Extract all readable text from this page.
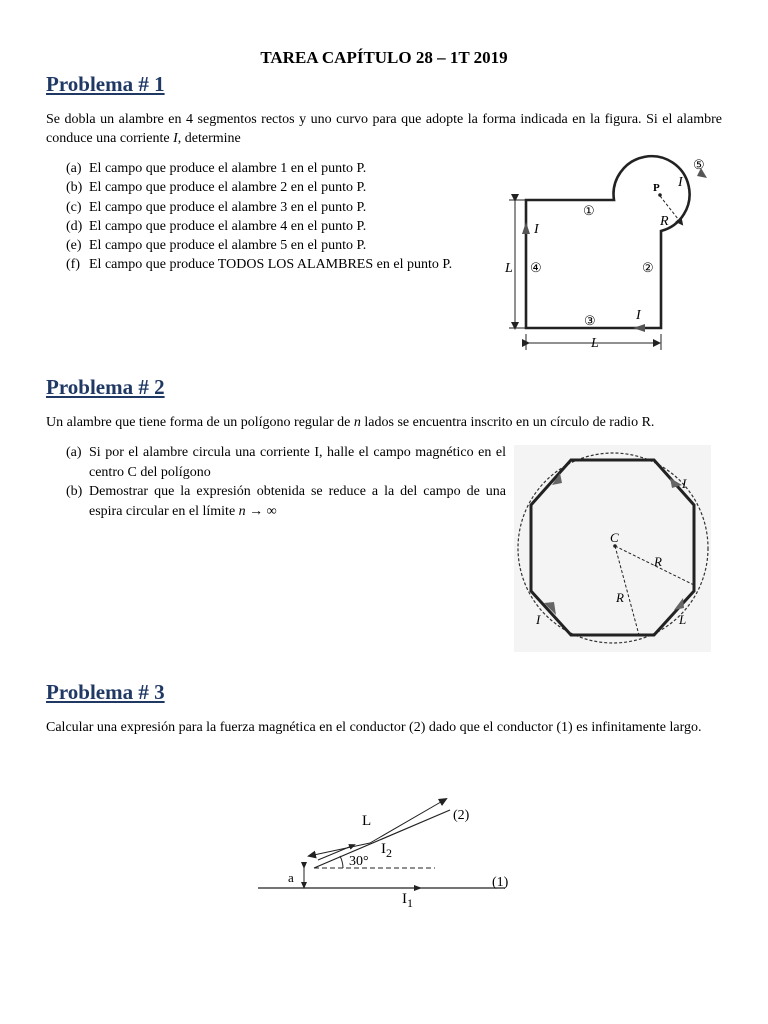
TAREA CAPÍTULO 28 – 1T 2019
Problema # 1
Se dobla un alambre en 4 segmentos rectos y uno curvo para que adopte la forma indicada en la figura. Si el alambre conduce una corriente I, determine
(a) El campo que produce el alambre 1 en el punto P.
(b) El campo que produce el alambre 2 en el punto P.
(c) El campo que produce el alambre 3 en el punto P.
(d) El campo que produce el alambre 4 en el punto P.
(e) El campo que produce el alambre 5 en el punto P.
(f) El campo que produce TODOS LOS ALAMBRES en el punto P.
P I
R
I
I
L
L
①
②
③
④
⑤
Problema # 2
Un alambre que tiene forma de un polígono regular de n lados se encuentra inscrito en un círculo de radio R.
(a) Si por el alambre circula una corriente I, halle el campo magnético en el centro C del polígono
(b) Demostrar que la expresión obtenida se reduce a la del campo de una espira circular en el límite n → ∞
C
R
R
I
I	L
Problema # 3
Calcular una expresión para la fuerza magnética en el conductor (2) dado que el conductor (1) es infinitamente largo.
L	(2)
$I_2$
30°
a	(1)
$I_1$
